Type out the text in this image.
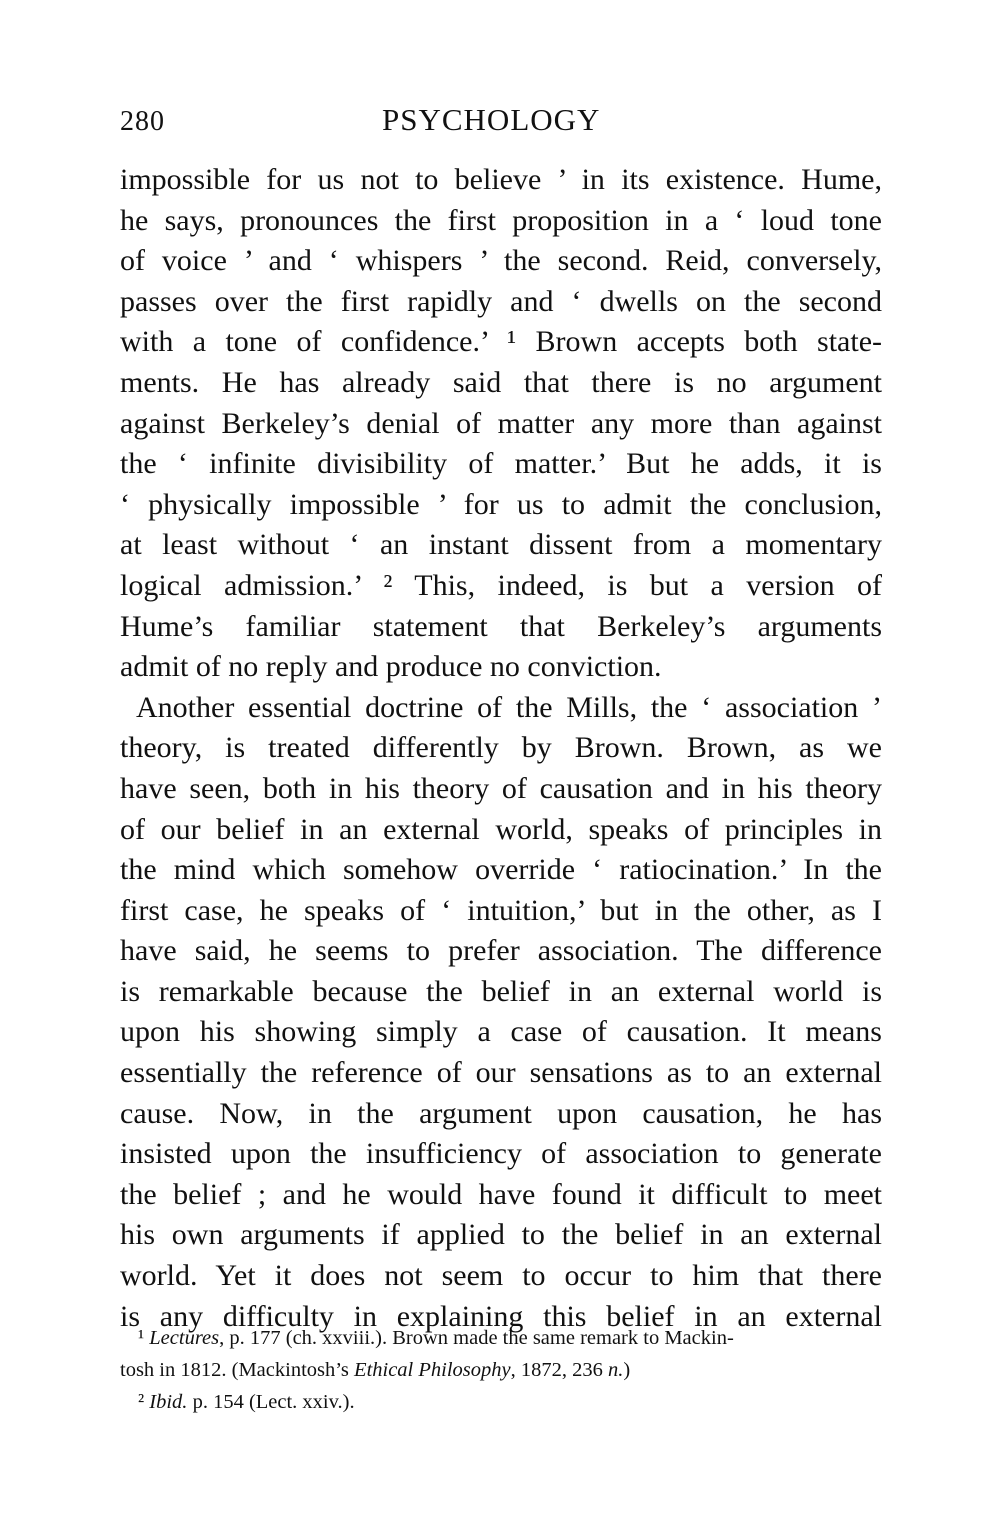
280	PSYCHOLOGY
impossible for us not to believe ’ in its existence. Hume,
he says, pronounces the first proposition in a ‘ loud tone
of voice ’ and ‘ whispers ’ the second. Reid, conversely,
passes over the first rapidly and ‘ dwells on the second
with a tone of confidence.’ ¹ Brown accepts both state-
ments. He has already said that there is no argument
against Berkeley’s denial of matter any more than against
the ‘ infinite divisibility of matter.’ But he adds, it is
‘ physically impossible ’ for us to admit the conclusion,
at least without ‘ an instant dissent from a momentary
logical admission.’ ² This, indeed, is but a version of
Hume’s familiar statement that Berkeley’s arguments
admit of no reply and produce no conviction.
Another essential doctrine of the Mills, the ‘ association ’
theory, is treated differently by Brown. Brown, as we
have seen, both in his theory of causation and in his theory
of our belief in an external world, speaks of principles in
the mind which somehow override ‘ ratiocination.’ In the
first case, he speaks of ‘ intuition,’ but in the other, as I
have said, he seems to prefer association. The difference
is remarkable because the belief in an external world is
upon his showing simply a case of causation. It means
essentially the reference of our sensations as to an external
cause. Now, in the argument upon causation, he has
insisted upon the insufficiency of association to generate
the belief ; and he would have found it difficult to meet
his own arguments if applied to the belief in an external
world. Yet it does not seem to occur to him that there
is any difficulty in explaining this belief in an external
¹ Lectures, p. 177 (ch. xxviii.). Brown made the same remark to Mackin-
tosh in 1812. (Mackintosh’s Ethical Philosophy, 1872, 236 n.)
² Ibid. p. 154 (Lect. xxiv.).
